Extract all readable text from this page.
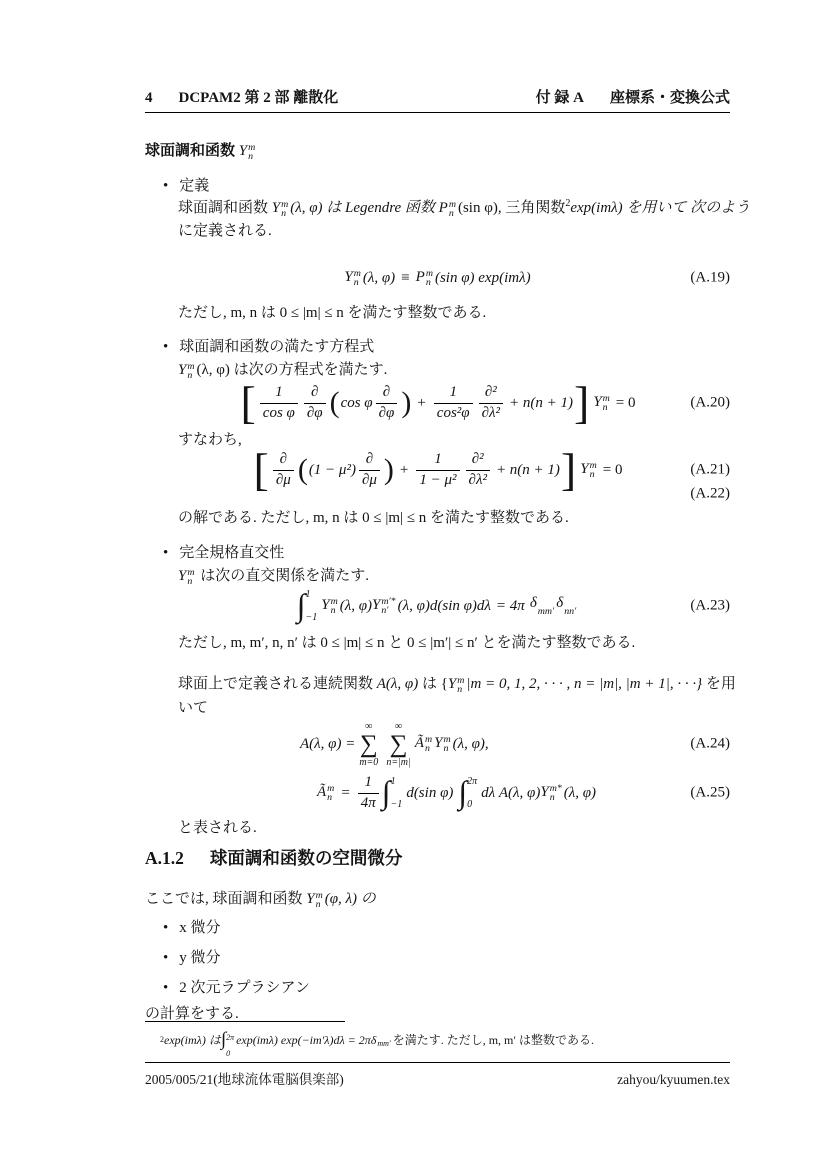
4 DCPAM2 第 2 部 離散化	付 録 A 座標系・変換公式
球面調和函数 Y m
n
• 定義
球面調和函数 Y m
n (λ, φ) は Legendre 函数 P m
n (sin φ), 三角関数$^2$exp(imλ) を用いて 次のよう
に定義される.
Y m
n (λ, φ) ≡ P m
n (sin φ) exp(imλ)	(A.19)
ただし, m, n は 0 ≤ |m| ≤ n を満たす整数である.
• 球面調和函数の満たす方程式
Y m
n (λ, φ) は次の方程式を満たす.
[ $\frac{1}{\text{cos φ}} \frac{\partial}{\partial\varphi}$ ( cos φ $\frac{\partial}{\partial\varphi}$ ) + $\frac{1}{\text{cos²φ}} \frac{\text{∂²}}{\text{∂λ²}} + n(n + 1)$ ] Y m
n = 0	(A.20)
すなわち,
[ $\frac{\partial}{\partial\mu}$ ( $(1 - \mu^2) \frac{\partial}{\partial\mu}$ ) + $\frac{1}{\text{1 − μ²}} \frac{\text{∂²}}{\text{∂λ²}} + n(n + 1)$ ] Y m
n = 0	(A.21)
(A.22)
の解である. ただし, m, n は 0 ≤ |m| ≤ n を満たす整数である.
• 完全規格直交性
Y m
n は次の直交関係を満たす.
∫ 1
−1
Y m
n (λ, φ) Y m′*
n′ (λ, φ)d(sin φ)dλ = 4π δ

mm′
δ

nn′	(A.23)
ただし, m, m′, n, n′ は 0 ≤ |m| ≤ n と 0 ≤ |m′| ≤ n′ とを満たす整数である.
球面上で定義される連続関数 A(λ, φ) は {Y m
n |m = 0, 1, 2, · · · , n = |m|, |m + 1|, · · ·} を用
いて
A(λ, φ) =
∞
∑
m=0
∞
∑
n=|m|
Ã m
n Y m
n (λ, φ),	(A.24)
Ã m
$n = \frac{1}{4\pi}$ ∫ 1
−1
d(sin φ) ∫ 2π
0
dλ A(λ, φ) Y m*
n (λ, φ)	(A.25)
と表される.
A.1.2 球面調和函数の空間微分
ここでは, 球面調和函数 Y m
n (φ, λ) の
• x 微分
• y 微分
• 2 次元ラプラシアン
の計算をする.
2 exp(imλ) は ∫ 2π
0
exp(imλ) exp(−im′λ)dλ = 2πδ
mm′ を満たす. ただし, m, m′ は整数である.
2005/005/21(地球流体電脳倶楽部)	zahyou/kyuumen.tex
